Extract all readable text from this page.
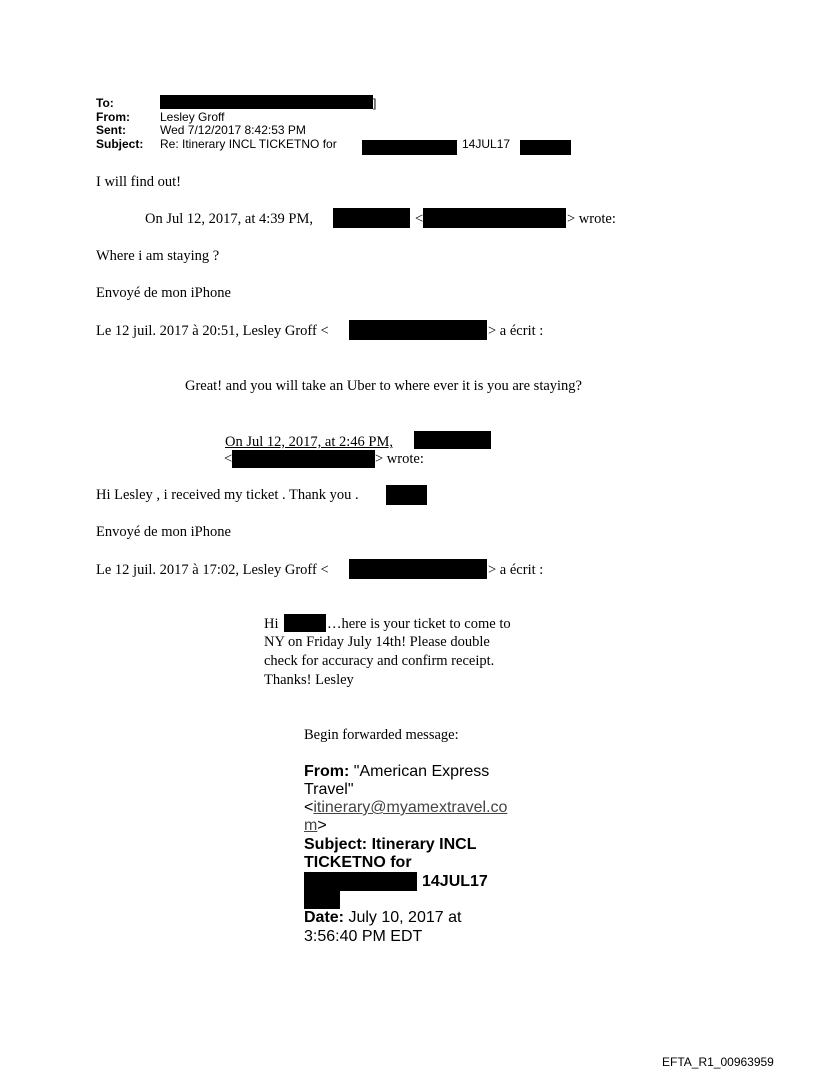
To:	]
From:	Lesley Groff
Sent:	Wed 7/12/2017 8:42:53 PM
Subject: Re: Itinerary INCL TICKETNO for	14JUL17
I will find out!
On Jul 12, 2017, at 4:39 PM,	<	> wrote:
Where i am staying ?
Envoyé de mon iPhone
Le 12 juil. 2017 à 20:51, Lesley Groff <	> a écrit :
Great! and you will take an Uber to where ever it is you are staying?
On Jul 12, 2017, at 2:46 PM,
<	> wrote:
Hi Lesley , i received my ticket . Thank you .
Envoyé de mon iPhone
Le 12 juil. 2017 à 17:02, Lesley Groff <	> a écrit :
Hi	…here is your ticket to come to
NY on Friday July 14th! Please double
check for accuracy and confirm receipt.
Thanks! Lesley
Begin forwarded message:
From: "American Express
Travel"
<itinerary@myamextravel.co
m>
Subject: Itinerary INCL
TICKETNO for
14JUL17
Date: July 10, 2017 at
3:56:40 PM EDT
EFTA_R1_00963959
